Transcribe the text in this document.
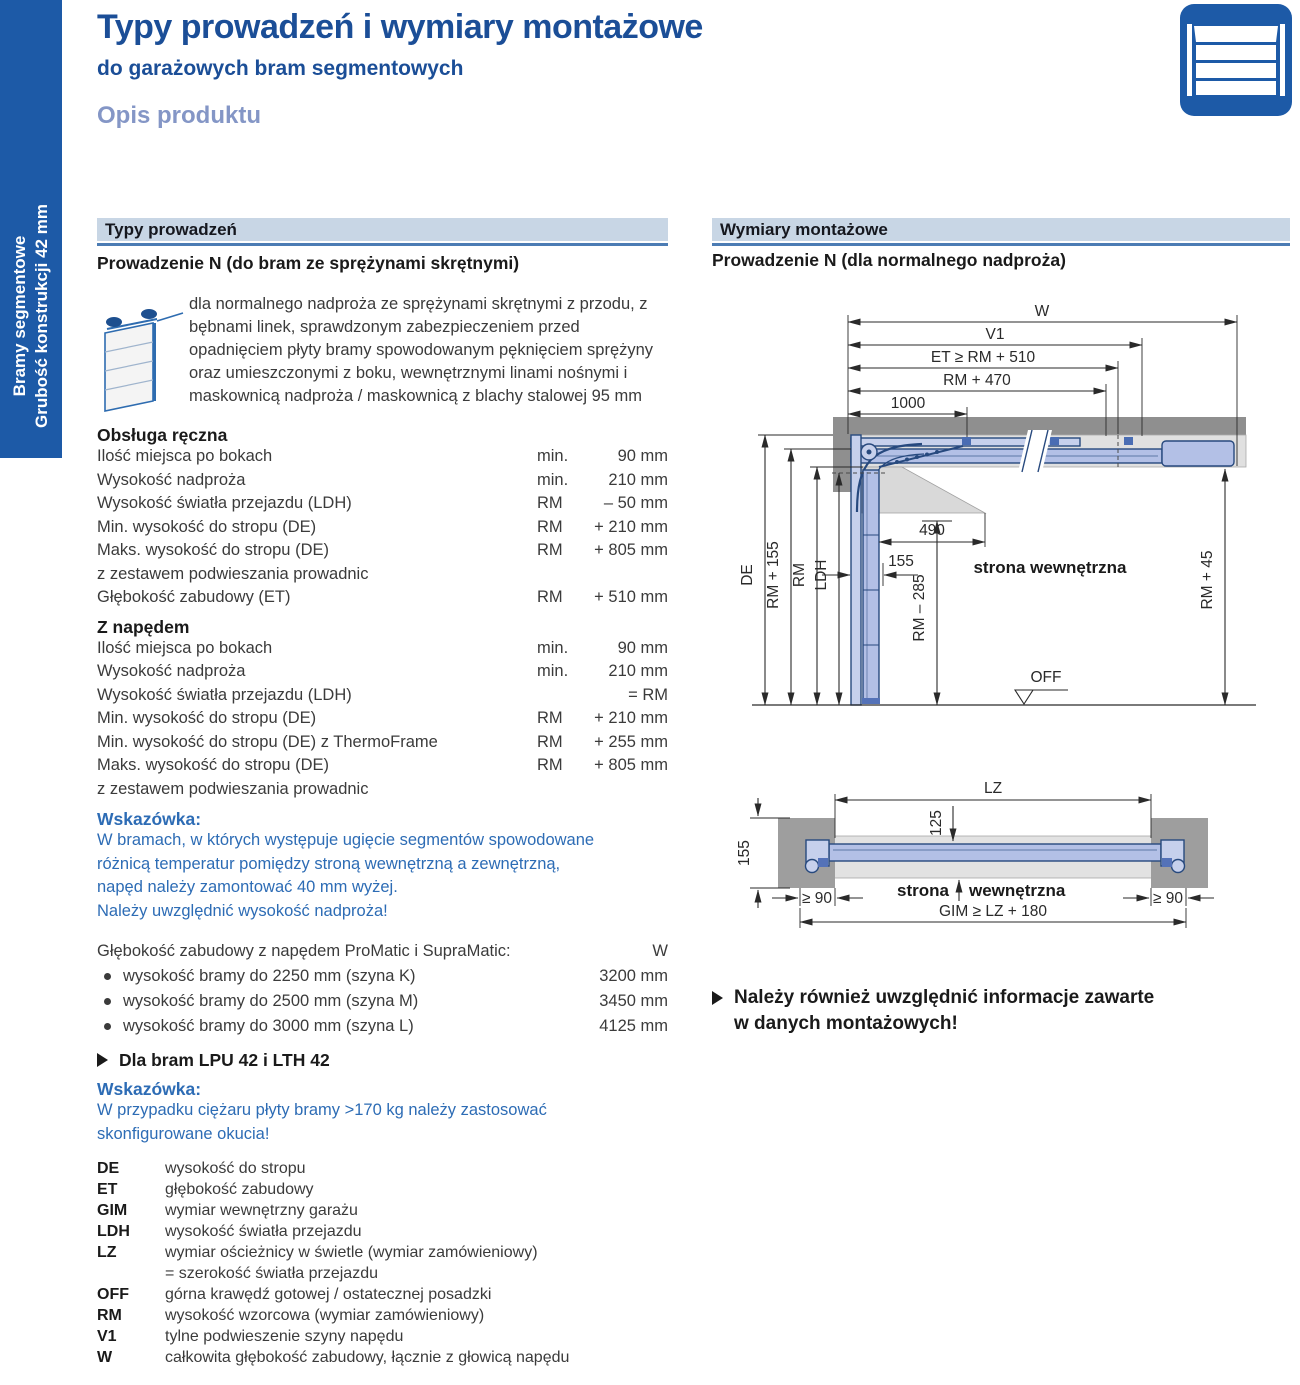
Bramy segmentowe Grubość konstrukcji 42 mm
Typy prowadzeń i wymiary montażowe
do garażowych bram segmentowych
Opis produktu
Typy prowadzeń
Prowadzenie N (do bram ze sprężynami skrętnymi)

dla normalnego nadproża ze sprężynami skrętnymi z przodu, z bębnami linek, sprawdzonym zabezpieczeniem przed opadnięciem płyty bramy spowodowanym pęknięciem sprężyny oraz umieszczonymi z boku, wewnętrznymi linami nośnymi i maskownicą nadproża / maskownicą z blachy stalowej 95 mm

Obsługa ręczna
Ilość miejsca po bokach	min.	90 mm
Wysokość nadproża	min.	210 mm
Wysokość światła przejazdu (LDH)	RM	– 50 mm
Min. wysokość do stropu (DE)	RM	+ 210 mm
Maks. wysokość do stropu (DE)	RM	+ 805 mm
z zestawem podwieszania prowadnic
Głębokość zabudowy (ET)	RM	+ 510 mm
Z napędem
Ilość miejsca po bokach	min.	90 mm
Wysokość nadproża	min.	210 mm
Wysokość światła przejazdu (LDH)	= RM
Min. wysokość do stropu (DE)	RM	+ 210 mm
Min. wysokość do stropu (DE) z ThermoFrame	RM	+ 255 mm
Maks. wysokość do stropu (DE)	RM	+ 805 mm
z zestawem podwieszania prowadnic
Wskazówka:
W bramach, w których występuje ugięcie segmentów spowodowane
różnicą temperatur pomiędzy stroną wewnętrzną a zewnętrzną,
napęd należy zamontować 40 mm wyżej.
Należy uwzględnić wysokość nadproża!
Głębokość zabudowy z napędem ProMatic i SupraMatic:	W
wysokość bramy do 2250 mm (szyna K)	3200 mm
wysokość bramy do 2500 mm (szyna M)	3450 mm
wysokość bramy do 3000 mm (szyna L)	4125 mm
Dla bram LPU 42 i LTH 42
Wskazówka:
W przypadku ciężaru płyty bramy >170 kg należy zastosować
skonfigurowane okucia!
DE	wysokość do stropu
ET	głębokość zabudowy
GIM	wymiar wewnętrzny garażu
LDH	wysokość światła przejazdu
LZ	wymiar ościeżnicy w świetle (wymiar zamówieniowy)
= szerokość światła przejazdu
OFF	górna krawędź gotowej / ostatecznej posadzki
RM	wysokość wzorcowa (wymiar zamówieniowy)
V1	tylne podwieszenie szyny napędu
W	całkowita głębokość zabudowy, łącznie z głowicą napędu
Wymiary montażowe
Prowadzenie N (dla normalnego nadproża)
W
V1
ET ≥ RM + 510
RM + 470
1000
DE RM + 155 RM LDH
490
155
RM – 285
strona wewnętrzna
OFF
RM + 45
LZ
125
155
strona wewnętrzna
≥ 90	≥ 90
GIM ≥ LZ + 180
Należy również uwzględnić informacje zawarte
w danych montażowych!
